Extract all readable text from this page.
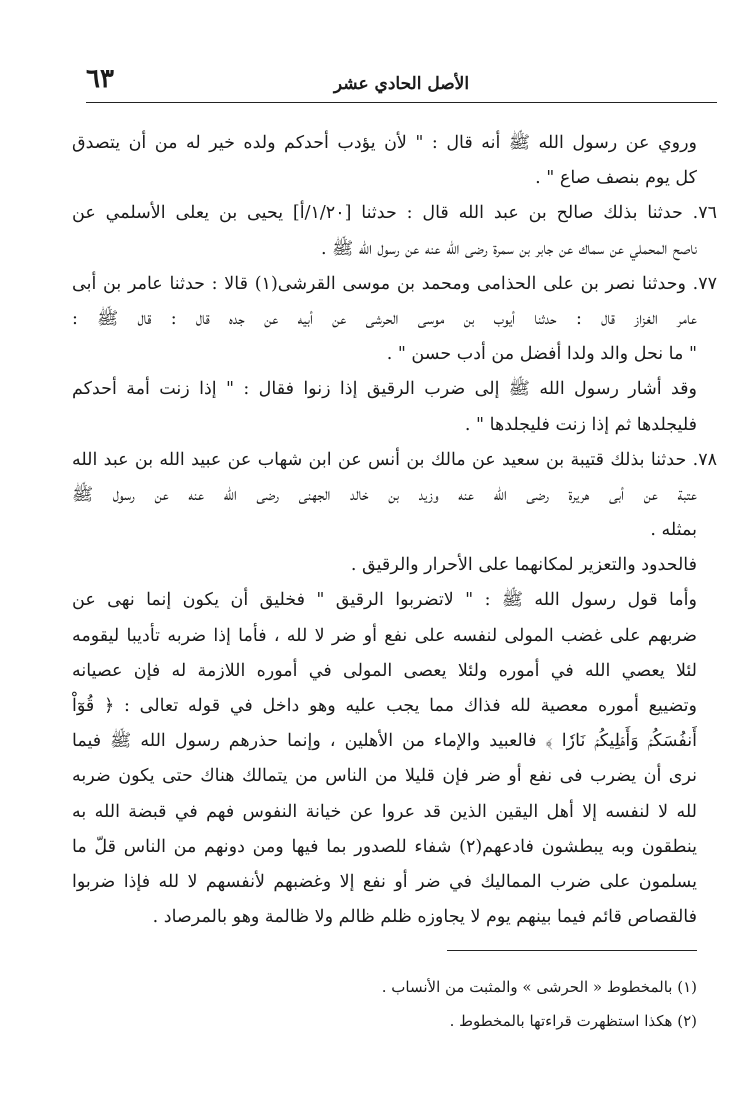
٦٣	الأصل الحادي عشر
وروي عن رسول الله ﷺ أنه قال : " لأن يؤدب أحدكم ولده خير له من أن يتصدق
كل يوم بنصف صاع " .
٧٦. حدثنا بذلك صالح بن عبد الله قال : حدثنا [١/٢٠/أ] يحيى بن يعلى الأسلمي عن
ناصح المحملي عن سماك عن جابر بن سمرة رضى الله عنه عن رسول الله ﷺ .
٧٧. وحدثنا نصر بن على الحذامى ومحمد بن موسى القرشى(١) قالا : حدثنا عامر بن أبى
عامر الغزاز قال : حدثنا أيوب بن موسى الحرشى عن أبيه عن جده قال : قال ﷺ :
" ما نحل والد ولدا أفضل من أدب حسن " .
وقد أشار رسول الله ﷺ إلى ضرب الرقيق إذا زنوا فقال : " إذا زنت أمة أحدكم
فليجلدها ثم إذا زنت فليجلدها " .
٧٨. حدثنا بذلك قتيبة بن سعيد عن مالك بن أنس عن ابن شهاب عن عبيد الله بن عبد الله
عتبة عن أبى هريرة رضى الله عنه وزيد بن خالد الجهنى رضى الله عنه عن رسول ﷺ
بمثله .
فالحدود والتعزير لمكانهما على الأحرار والرقيق .
وأما قول رسول الله ﷺ : " لاتضربوا الرقيق " فخليق أن يكون إنما نهى عن
ضربهم على غضب المولى لنفسه على نفع أو ضر لا لله ، فأما إذا ضربه تأديبا ليقومه
لئلا يعصي الله في أموره ولئلا يعصى المولى في أموره اللازمة له فإن عصيانه
وتضييع أموره معصية لله فذاك مما يجب عليه وهو داخل في قوله تعالى : ﴿ قُوٓاْ
أَنفُسَكُمۡ وَأَهۡلِيكُمۡ نَارٗا ﴾ فالعبيد والإماء من الأهلين ، وإنما حذرهم رسول الله ﷺ فيما
نرى أن يضرب فى نفع أو ضر فإن قليلا من الناس من يتمالك هناك حتى يكون ضربه
لله لا لنفسه إلا أهل اليقين الذين قد عروا عن خيانة النفوس فهم في قبضة الله به
ينطقون وبه يبطشون فادعهم(٢) شفاء للصدور بما فيها ومن دونهم من الناس قلّ ما
يسلمون على ضرب المماليك في ضر أو نفع إلا وغضبهم لأنفسهم لا لله فإذا ضربوا
فالقصاص قائم فيما بينهم يوم لا يجاوزه ظلم ظالم ولا ظالمة وهو بالمرصاد .
(١) بالمخطوط « الحرشى » والمثبت من الأنساب .
(٢) هكذا استظهرت قراءتها بالمخطوط .
